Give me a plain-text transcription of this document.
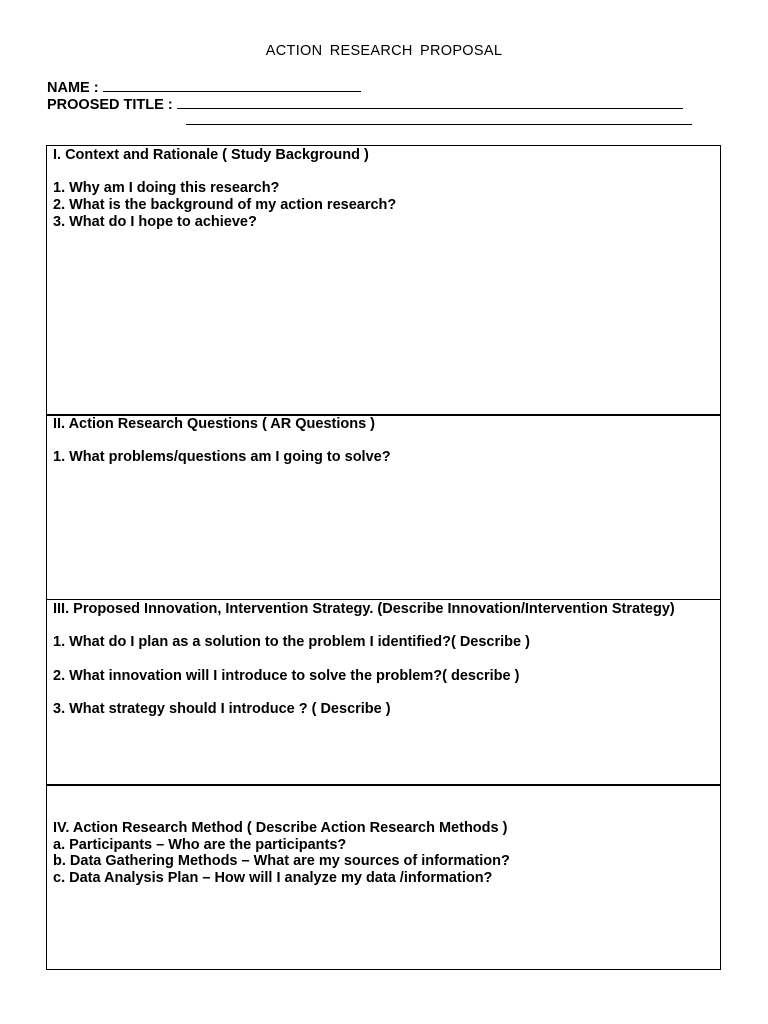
ACTION RESEARCH PROPOSAL
NAME :
PROOSED TITLE :
I. Context and Rationale ( Study Background )
1. Why am I doing this research?
2. What is the background of my action research?
3. What do I hope to achieve?
II. Action Research Questions ( AR Questions )
1. What problems/questions am I going to solve?
III. Proposed Innovation, Intervention Strategy. (Describe Innovation/Intervention Strategy)
1. What do I plan as a solution to the problem I identified?( Describe )
2. What innovation will I introduce to solve the problem?( describe )
3. What strategy should I introduce ? ( Describe )
IV. Action Research Method ( Describe Action Research Methods )
a. Participants – Who are the participants?
b. Data Gathering Methods – What are my sources of information?
c. Data Analysis Plan – How will I analyze my data /information?
